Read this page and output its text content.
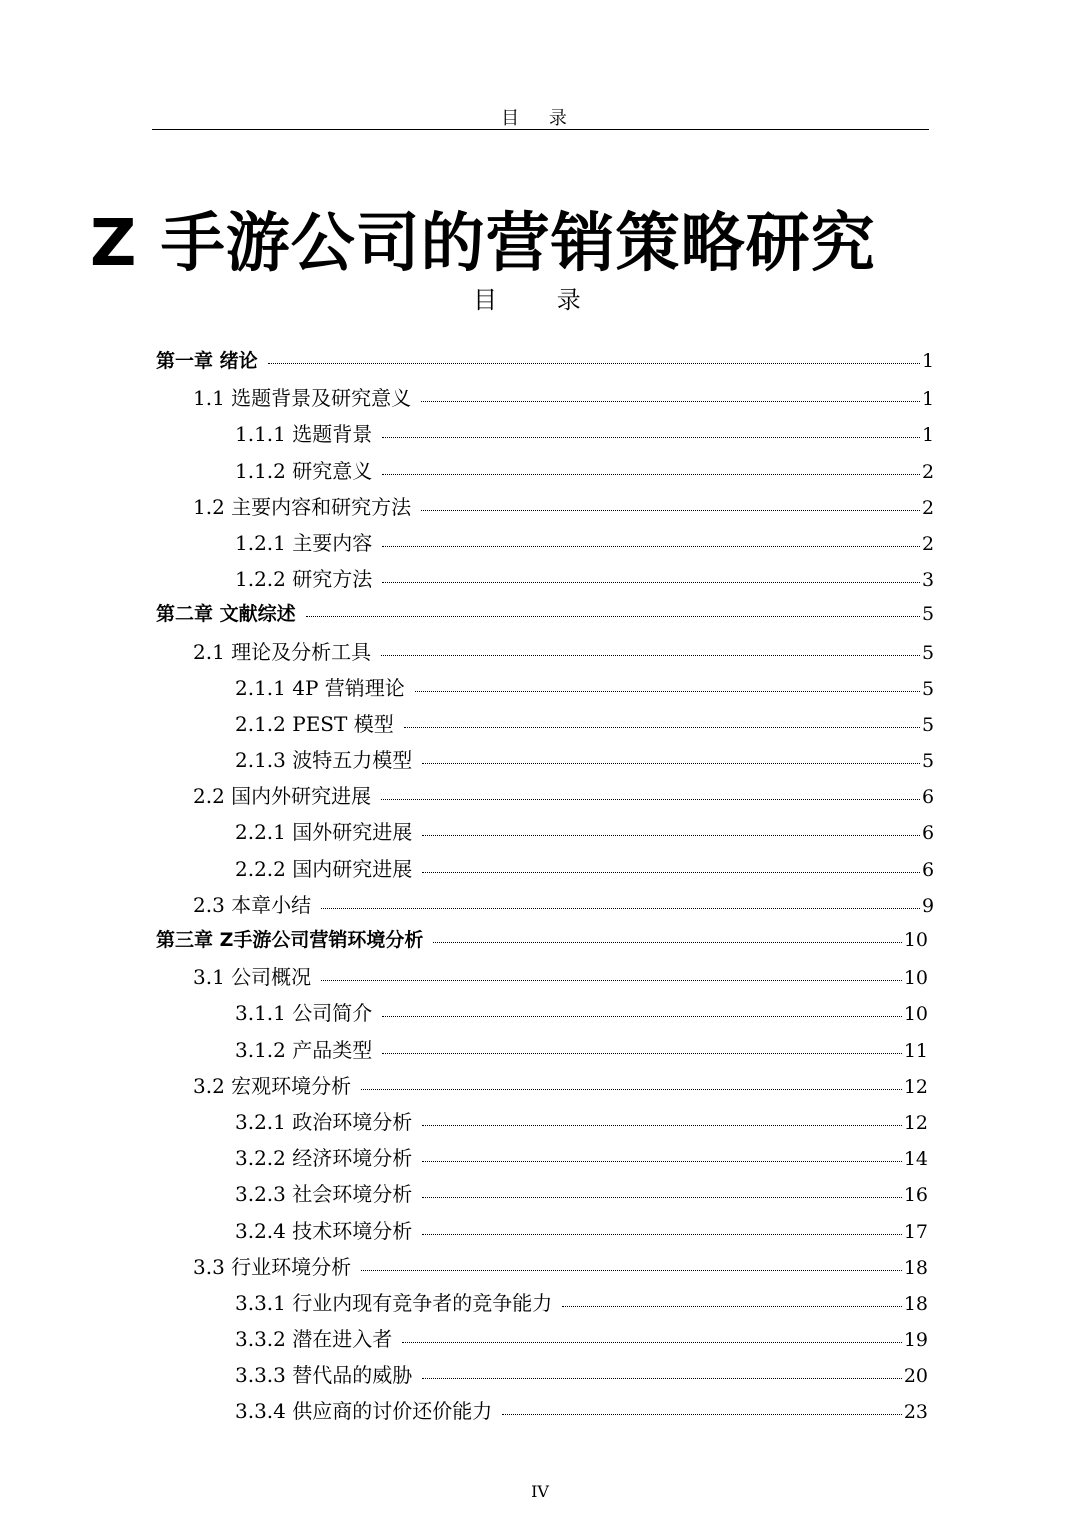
目 录
Z 手游公司的营销策略研究
目 录
第一章 绪论	1
1.1 选题背景及研究意义	1
1.1.1 选题背景	1
1.1.2 研究意义	2
1.2 主要内容和研究方法	2
1.2.1 主要内容	2
1.2.2 研究方法	3
第二章 文献综述	5
2.1 理论及分析工具	5
2.1.1 4P 营销理论	5
2.1.2 PEST 模型	5
2.1.3 波特五力模型	5
2.2 国内外研究进展	6
2.2.1 国外研究进展	6
2.2.2 国内研究进展	6
2.3 本章小结	9
第三章 Z手游公司营销环境分析	10
3.1 公司概况	10
3.1.1 公司简介	10
3.1.2 产品类型	11
3.2 宏观环境分析	12
3.2.1 政治环境分析	12
3.2.2 经济环境分析	14
3.2.3 社会环境分析	16
3.2.4 技术环境分析	17
3.3 行业环境分析	18
3.3.1 行业内现有竞争者的竞争能力	18
3.3.2 潜在进入者	19
3.3.3 替代品的威胁	20
3.3.4 供应商的讨价还价能力	23
IV
